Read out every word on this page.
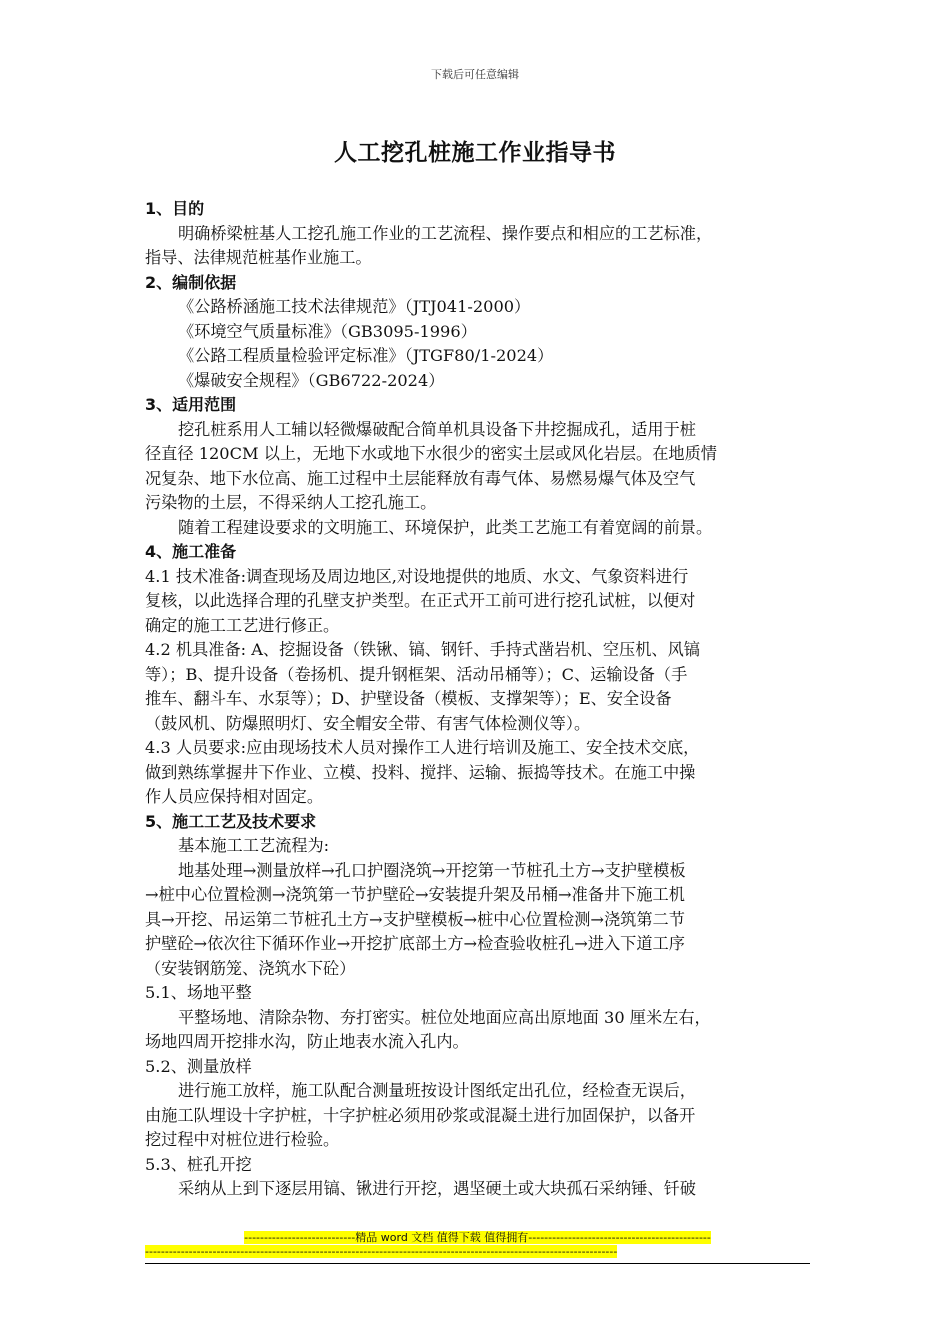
下载后可任意编辑
人工挖孔桩施工作业指导书
1、目的
明确桥梁桩基人工挖孔施工作业的工艺流程、操作要点和相应的工艺标准，
指导、法律规范桩基作业施工。
2、编制依据
《公路桥涵施工技术法律规范》（JTJ041-2000）
《环境空气质量标准》（GB3095-1996）
《公路工程质量检验评定标准》（JTGF80/1-2024）
《爆破安全规程》（GB6722-2024）
3、适用范围
挖孔桩系用人工辅以轻微爆破配合简单机具设备下井挖掘成孔，适用于桩
径直径 120CM 以上，无地下水或地下水很少的密实土层或风化岩层。在地质情
况复杂、地下水位高、施工过程中土层能释放有毒气体、易燃易爆气体及空气
污染物的土层，不得采纳人工挖孔施工。
随着工程建设要求的文明施工、环境保护，此类工艺施工有着宽阔的前景。
4、施工准备
4.1 技术准备:调查现场及周边地区,对设地提供的地质、水文、气象资料进行
复核，以此选择合理的孔壁支护类型。在正式开工前可进行挖孔试桩，以便对
确定的施工工艺进行修正。
4.2 机具准备: A、挖掘设备（铁锹、镐、钢钎、手持式凿岩机、空压机、风镐
等）；B、提升设备（卷扬机、提升钢框架、活动吊桶等）；C、运输设备（手
推车、翻斗车、水泵等）；D、护壁设备（模板、支撑架等）；E、安全设备
（鼓风机、防爆照明灯、安全帽安全带、有害气体检测仪等）。
4.3 人员要求:应由现场技术人员对操作工人进行培训及施工、安全技术交底，
做到熟练掌握井下作业、立模、投料、搅拌、运输、振捣等技术。在施工中操
作人员应保持相对固定。
5、施工工艺及技术要求
基本施工工艺流程为:
地基处理→测量放样→孔口护圈浇筑→开挖第一节桩孔土方→支护壁模板
→桩中心位置检测→浇筑第一节护壁砼→安装提升架及吊桶→准备井下施工机
具→开挖、吊运第二节桩孔土方→支护壁模板→桩中心位置检测→浇筑第二节
护壁砼→依次往下循环作业→开挖扩底部土方→检查验收桩孔→进入下道工序
（安装钢筋笼、浇筑水下砼）
5.1、场地平整
平整场地、清除杂物、夯打密实。桩位处地面应高出原地面 30 厘米左右，
场地四周开挖排水沟，防止地表水流入孔内。
5.2、测量放样
进行施工放样，施工队配合测量班按设计图纸定出孔位，经检查无误后，
由施工队埋设十字护桩，十字护桩必须用砂浆或混凝土进行加固保护，以备开
挖过程中对桩位进行检验。
5.3、桩孔开挖
采纳从上到下逐层用镐、锹进行开挖，遇坚硬土或大块孤石采纳锤、钎破
----------------------------精品 word 文档 值得下载 值得拥有----------------------------------------------
-----------------------------------------------------------------------------------------------------------------------
